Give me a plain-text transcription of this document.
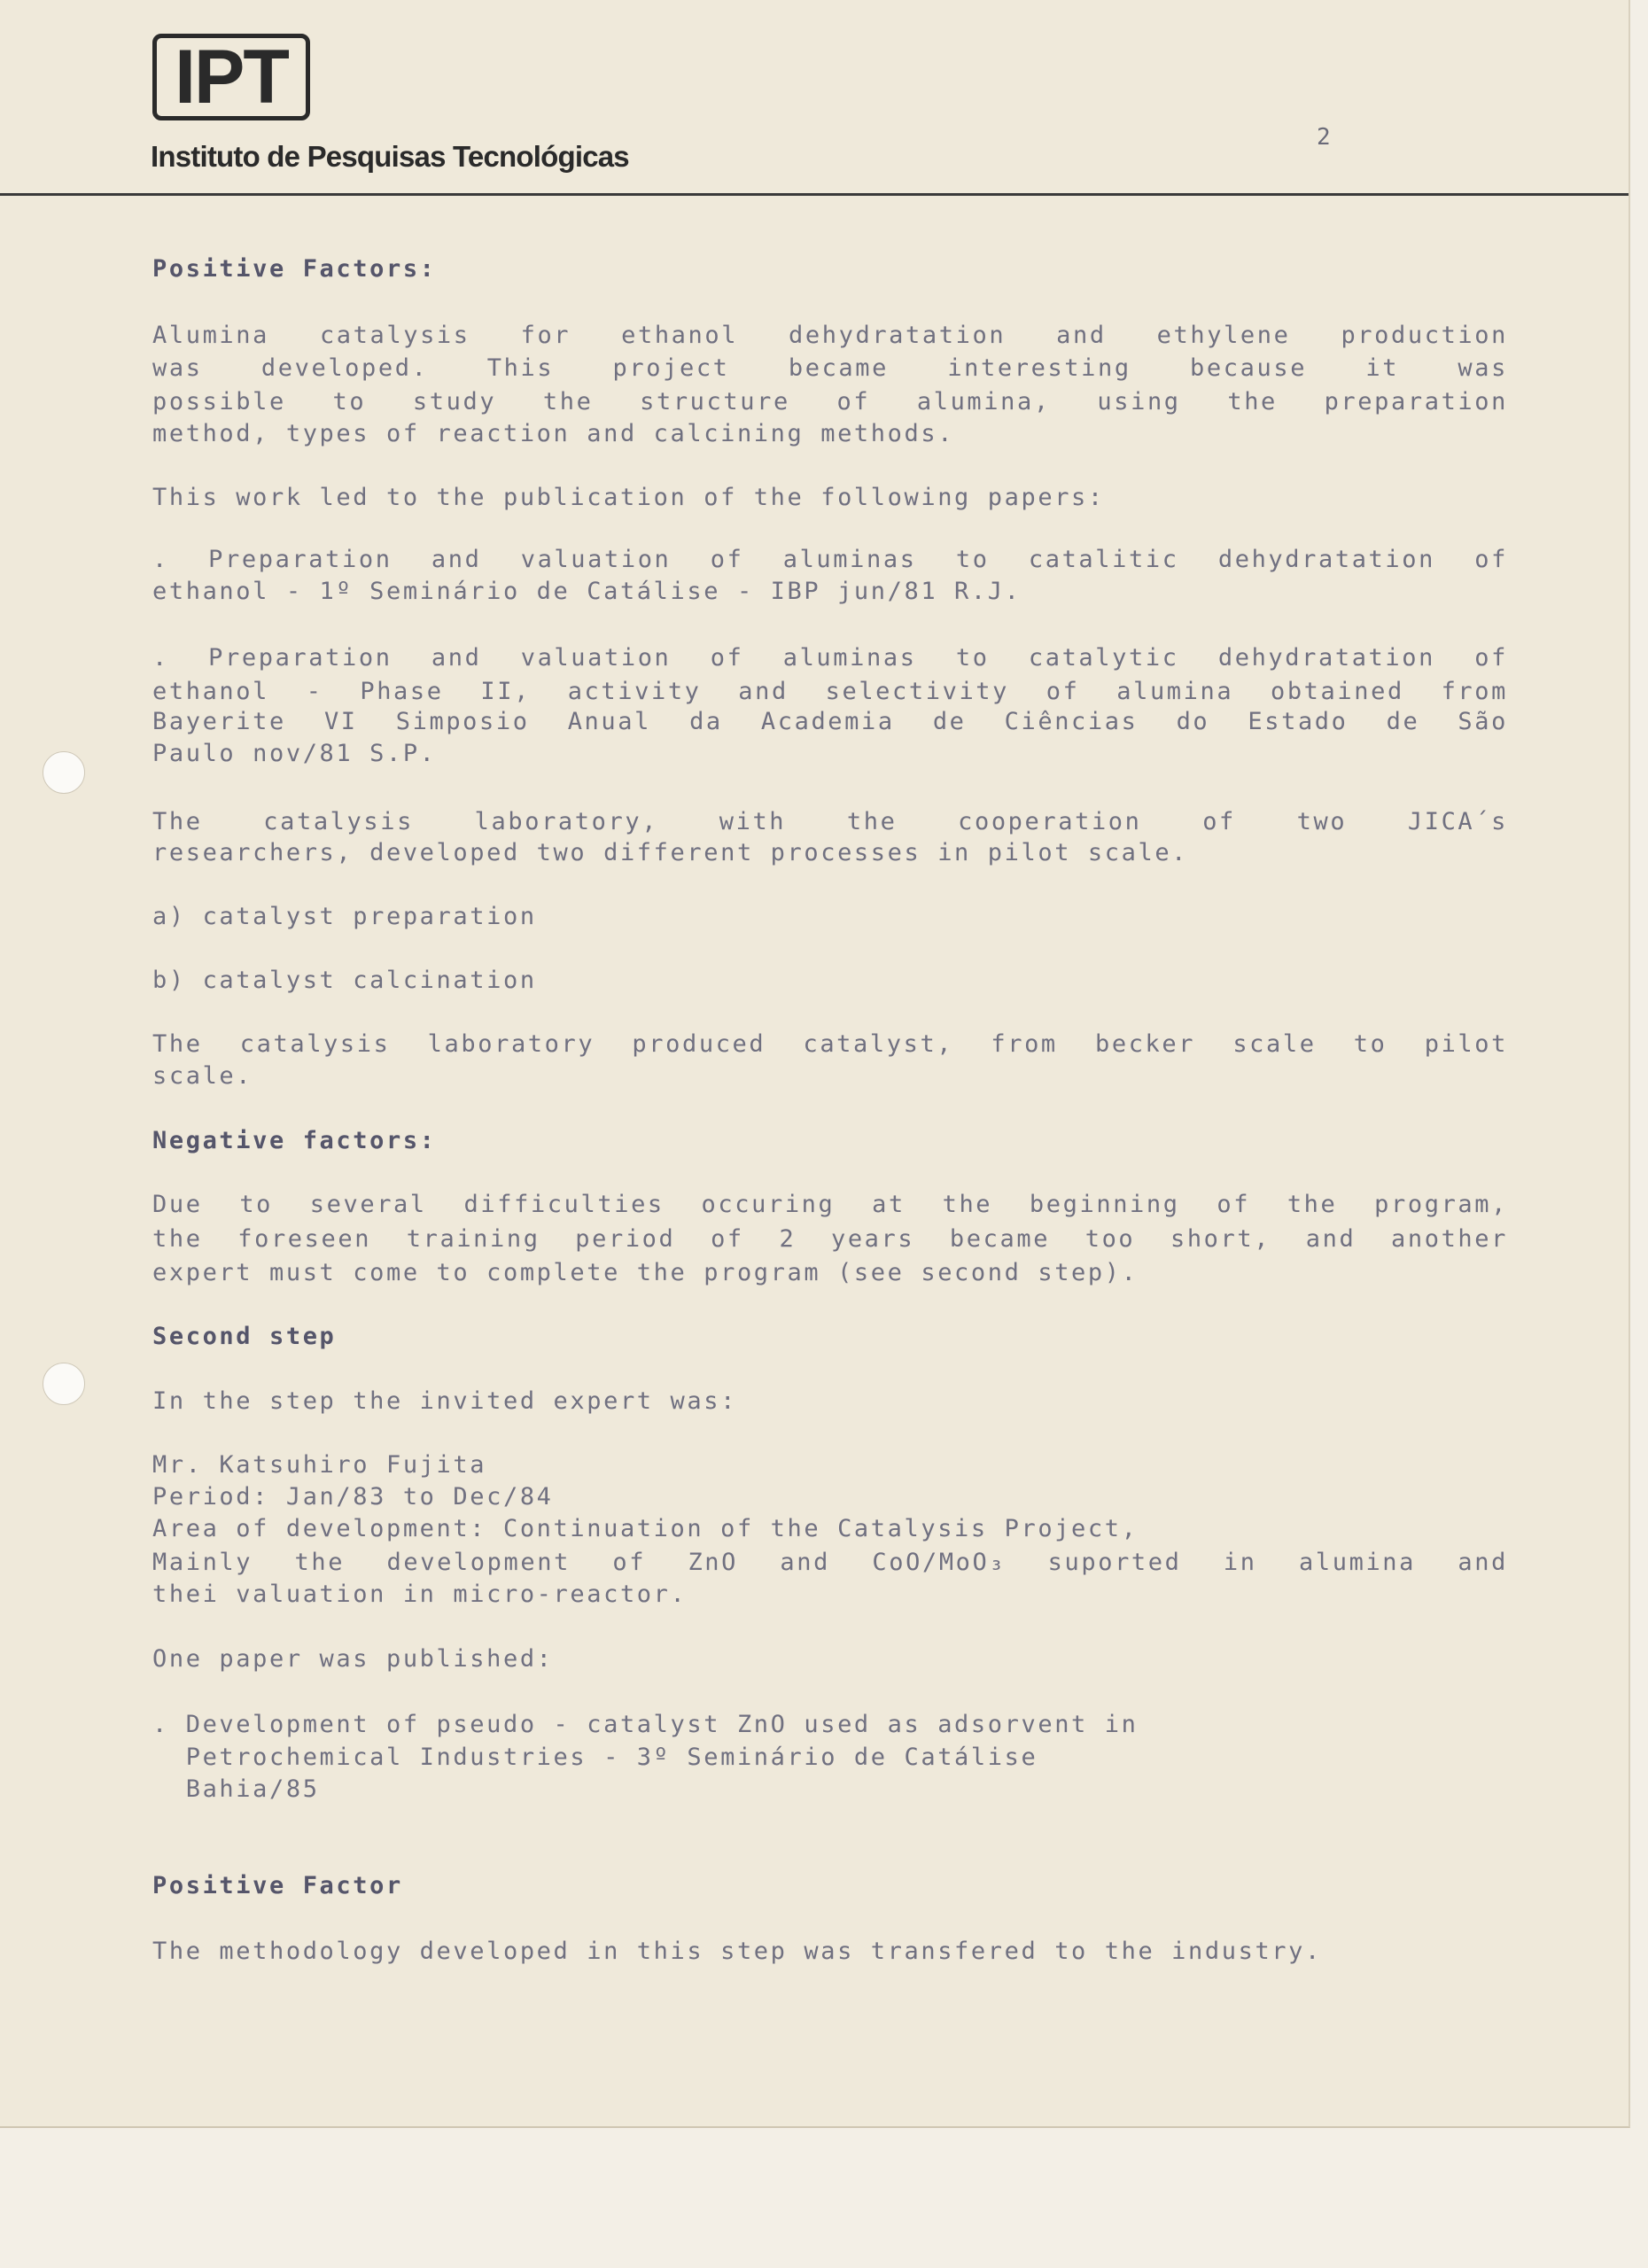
IPT
Instituto de Pesquisas Tecnológicas
2
Positive Factors:
Alumina catalysis for ethanol dehydratation and ethylene production
was developed. This project became interesting because it was
possible to study the structure of alumina, using the preparation
method, types of reaction and calcining methods.
This work led to the publication of the following papers:
. Preparation and valuation of aluminas to catalitic dehydratation of
ethanol - 1º Seminário de Catálise - IBP jun/81 R.J.
. Preparation and valuation of aluminas to catalytic dehydratation of
ethanol - Phase II, activity and selectivity of alumina obtained from
Bayerite VI Simposio Anual da Academia de Ciências do Estado de São
Paulo nov/81 S.P.
The catalysis laboratory, with the cooperation of two JICA´s
researchers, developed two different processes in pilot scale.
a) catalyst preparation
b) catalyst calcination
The catalysis laboratory produced catalyst, from becker scale to pilot
scale.
Negative factors:
Due to several difficulties occuring at the beginning of the program,
the foreseen training period of 2 years became too short, and another
expert must come to complete the program (see second step).
Second step
In the step the invited expert was:
Mr. Katsuhiro Fujita
Period: Jan/83 to Dec/84
Area of development: Continuation of the Catalysis Project,
Mainly the development of ZnO and CoO/MoO₃ suported in alumina and
thei valuation in micro-reactor.
One paper was published:
. Development of pseudo - catalyst ZnO used as adsorvent in
Petrochemical Industries - 3º Seminário de Catálise
Bahia/85
Positive Factor
The methodology developed in this step was transfered to the industry.
